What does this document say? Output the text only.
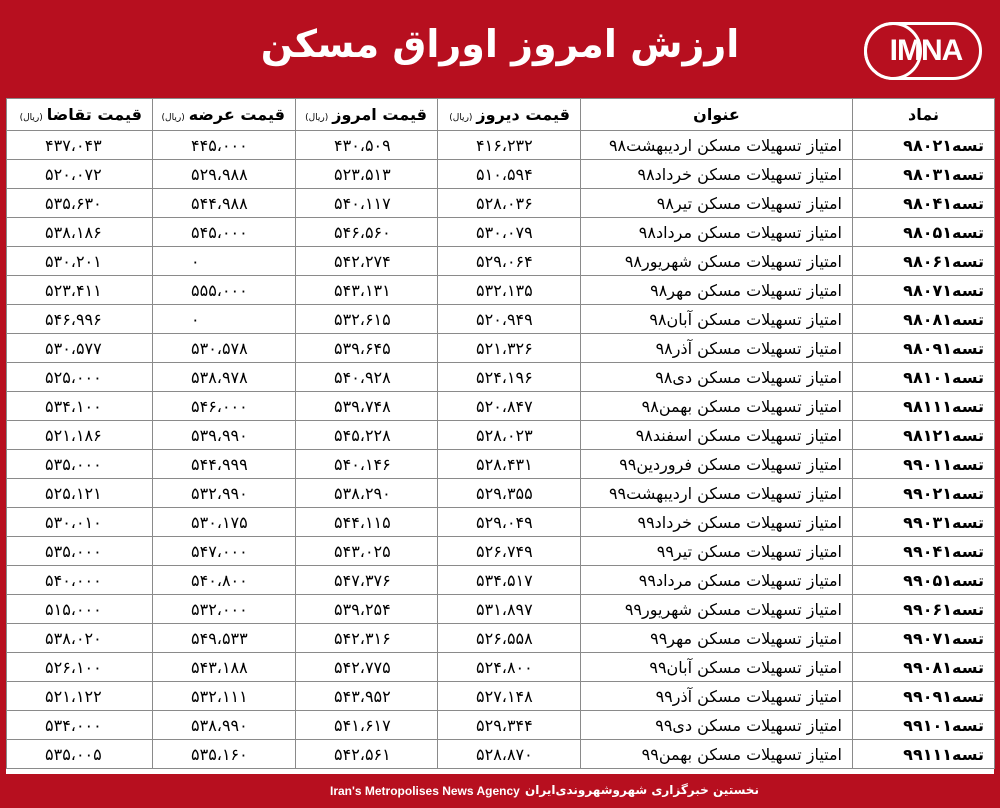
ارزش امروز اوراق مسکن	IMNA
نماد	عنوان	قیمت دیروز(ریال)	قیمت امروز(ریال)	قیمت عرضه(ریال)	قیمت تقاضا(ریال)
تسه۹۸۰۲۱	امتیاز تسهیلات مسکن اردیبهشت۹۸	۴۱۶،۲۳۲	۴۳۰،۵۰۹	۴۴۵،۰۰۰	۴۳۷،۰۴۳
تسه۹۸۰۳۱	امتیاز تسهیلات مسکن خرداد۹۸	۵۱۰،۵۹۴	۵۲۳،۵۱۳	۵۲۹،۹۸۸	۵۲۰،۰۷۲
تسه۹۸۰۴۱	امتیاز تسهیلات مسکن تیر۹۸	۵۲۸،۰۳۶	۵۴۰،۱۱۷	۵۴۴،۹۸۸	۵۳۵،۶۳۰
تسه۹۸۰۵۱	امتیاز تسهیلات مسکن مرداد۹۸	۵۳۰،۰۷۹	۵۴۶،۵۶۰	۵۴۵،۰۰۰	۵۳۸،۱۸۶
تسه۹۸۰۶۱	امتیاز تسهیلات مسکن شهریور۹۸	۵۲۹،۰۶۴	۵۴۲،۲۷۴	۰	۵۳۰،۲۰۱
تسه۹۸۰۷۱	امتیاز تسهیلات مسکن مهر۹۸	۵۳۲،۱۳۵	۵۴۳،۱۳۱	۵۵۵،۰۰۰	۵۲۳،۴۱۱
تسه۹۸۰۸۱	امتیاز تسهیلات مسکن آبان۹۸	۵۲۰،۹۴۹	۵۳۲،۶۱۵	۰	۵۴۶،۹۹۶
تسه۹۸۰۹۱	امتیاز تسهیلات مسکن آذر۹۸	۵۲۱،۳۲۶	۵۳۹،۶۴۵	۵۳۰،۵۷۸	۵۳۰،۵۷۷
تسه۹۸۱۰۱	امتیاز تسهیلات مسکن دی۹۸	۵۲۴،۱۹۶	۵۴۰،۹۲۸	۵۳۸،۹۷۸	۵۲۵،۰۰۰
تسه۹۸۱۱۱	امتیاز تسهیلات مسکن بهمن۹۸	۵۲۰،۸۴۷	۵۳۹،۷۴۸	۵۴۶،۰۰۰	۵۳۴،۱۰۰
تسه۹۸۱۲۱	امتیاز تسهیلات مسکن اسفند۹۸	۵۲۸،۰۲۳	۵۴۵،۲۲۸	۵۳۹،۹۹۰	۵۲۱،۱۸۶
تسه۹۹۰۱۱	امتیاز تسهیلات مسکن فروردین۹۹	۵۲۸،۴۳۱	۵۴۰،۱۴۶	۵۴۴،۹۹۹	۵۳۵،۰۰۰
تسه۹۹۰۲۱	امتیاز تسهیلات مسکن اردیبهشت۹۹	۵۲۹،۳۵۵	۵۳۸،۲۹۰	۵۳۲،۹۹۰	۵۲۵،۱۲۱
تسه۹۹۰۳۱	امتیاز تسهیلات مسکن خرداد۹۹	۵۲۹،۰۴۹	۵۴۴،۱۱۵	۵۳۰،۱۷۵	۵۳۰،۰۱۰
تسه۹۹۰۴۱	امتیاز تسهیلات مسکن تیر۹۹	۵۲۶،۷۴۹	۵۴۳،۰۲۵	۵۴۷،۰۰۰	۵۳۵،۰۰۰
تسه۹۹۰۵۱	امتیاز تسهیلات مسکن مرداد۹۹	۵۳۴،۵۱۷	۵۴۷،۳۷۶	۵۴۰،۸۰۰	۵۴۰،۰۰۰
تسه۹۹۰۶۱	امتیاز تسهیلات مسکن شهریور۹۹	۵۳۱،۸۹۷	۵۳۹،۲۵۴	۵۳۲،۰۰۰	۵۱۵،۰۰۰
تسه۹۹۰۷۱	امتیاز تسهیلات مسکن مهر۹۹	۵۲۶،۵۵۸	۵۴۲،۳۱۶	۵۴۹،۵۳۳	۵۳۸،۰۲۰
تسه۹۹۰۸۱	امتیاز تسهیلات مسکن آبان۹۹	۵۲۴،۸۰۰	۵۴۲،۷۷۵	۵۴۳،۱۸۸	۵۲۶،۱۰۰
تسه۹۹۰۹۱	امتیاز تسهیلات مسکن آذر۹۹	۵۲۷،۱۴۸	۵۴۳،۹۵۲	۵۳۲،۱۱۱	۵۲۱،۱۲۲
تسه۹۹۱۰۱	امتیاز تسهیلات مسکن دی۹۹	۵۲۹،۳۴۴	۵۴۱،۶۱۷	۵۳۸،۹۹۰	۵۳۴،۰۰۰
تسه۹۹۱۱۱	امتیاز تسهیلات مسکن بهمن۹۹	۵۲۸،۸۷۰	۵۴۲،۵۶۱	۵۳۵،۱۶۰	۵۳۵،۰۰۵
Iran's Metropolises News Agency نخستین خبرگزاری شهروشهروندی‌ایران
